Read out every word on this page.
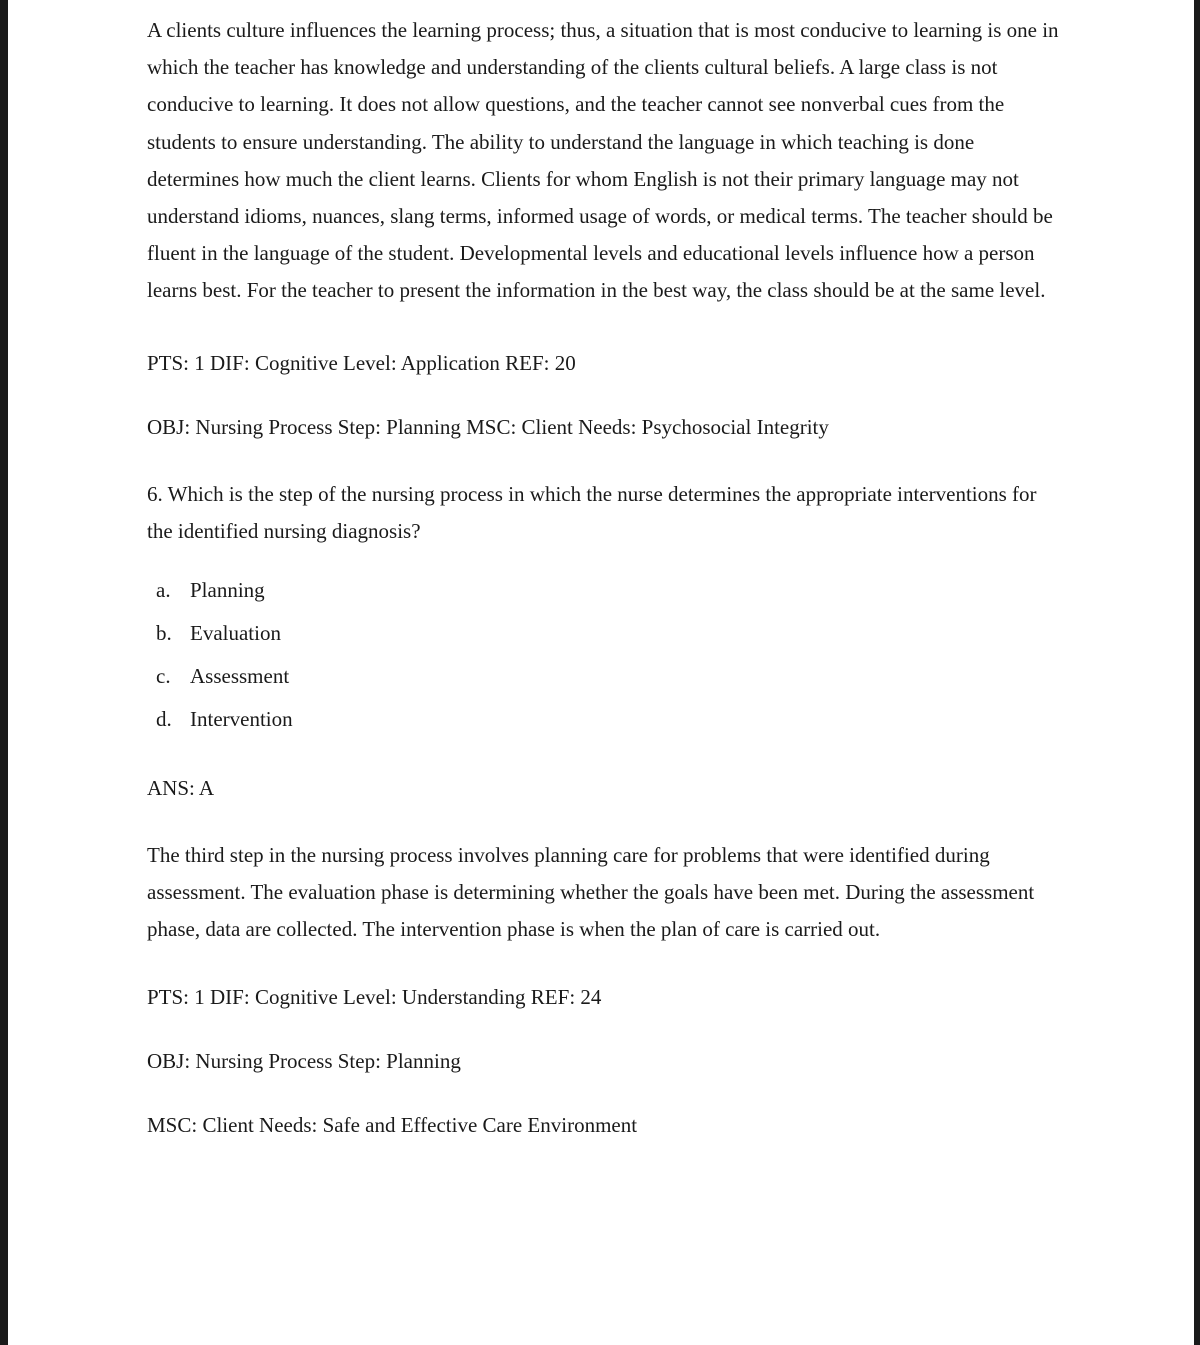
A clients culture influences the learning process; thus, a situation that is most conducive to learning is one in which the teacher has knowledge and understanding of the clients cultural beliefs. A large class is not conducive to learning. It does not allow questions, and the teacher cannot see nonverbal cues from the students to ensure understanding. The ability to understand the language in which teaching is done determines how much the client learns. Clients for whom English is not their primary language may not understand idioms, nuances, slang terms, informed usage of words, or medical terms. The teacher should be fluent in the language of the student. Developmental levels and educational levels influence how a person learns best. For the teacher to present the information in the best way, the class should be at the same level.

PTS: 1 DIF: Cognitive Level: Application REF: 20

OBJ: Nursing Process Step: Planning MSC: Client Needs: Psychosocial Integrity

6. Which is the step of the nursing process in which the nurse determines the appropriate interventions for the identified nursing diagnosis?

a. Planning
b. Evaluation
c. Assessment
d. Intervention

ANS: A

The third step in the nursing process involves planning care for problems that were identified during assessment. The evaluation phase is determining whether the goals have been met. During the assessment phase, data are collected. The intervention phase is when the plan of care is carried out.

PTS: 1 DIF: Cognitive Level: Understanding REF: 24

OBJ: Nursing Process Step: Planning

MSC: Client Needs: Safe and Effective Care Environment
